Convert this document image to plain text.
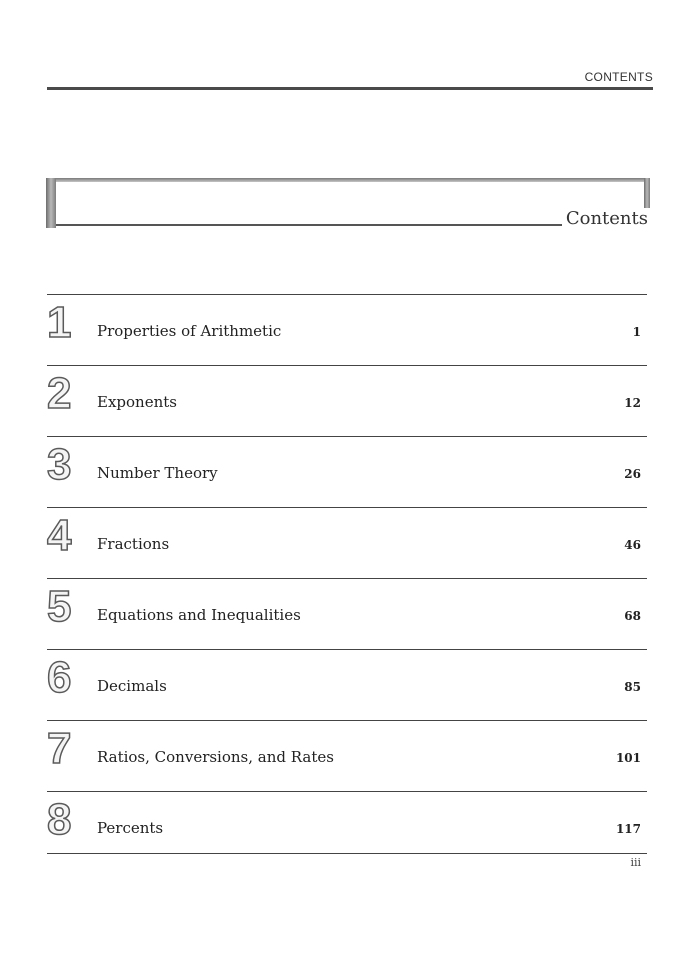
CONTENTS
Contents
1 Properties of Arithmetic	1
2 Exponents	12
3 Number Theory	26
4 Fractions	46
5 Equations and Inequalities	68
6 Decimals	85
7 Ratios, Conversions, and Rates	101
8 Percents	117
iii
